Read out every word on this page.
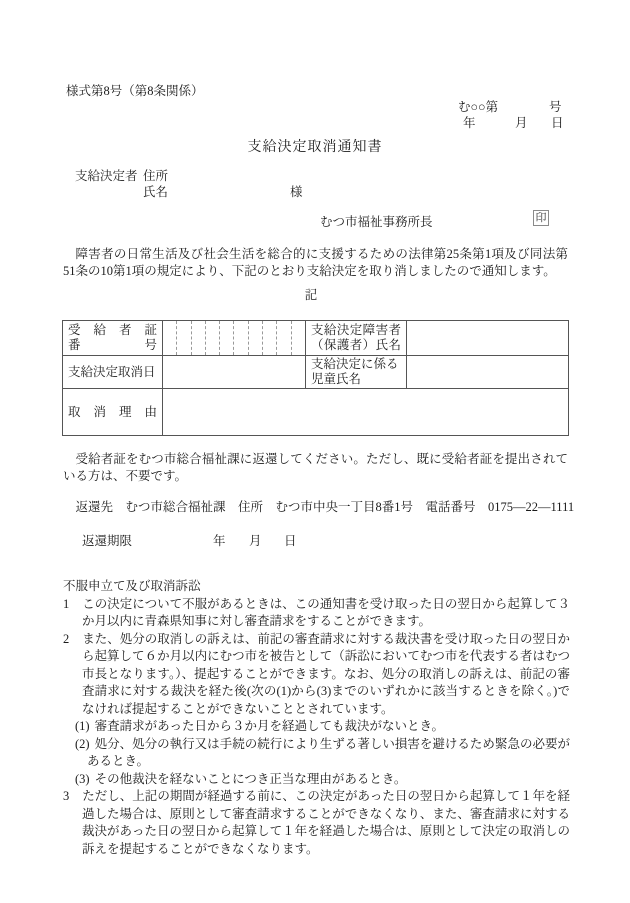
様式第8号（第8条関係）
む○○第	号
年	月 日
支給決定取消通知書
支給決定者 住所
氏名	様
むつ市福祉事務所長	印

障害者の日常生活及び社会生活を総合的に支援するための法律第25条第1項及び同法第51条の10第1項の規定により、下記のとおり支給決定を取り消しましたので通知します。

記
受給者証
番号		支給決定障害者
（保護者）氏名	

支給決定取消日		支給決定に係る
児童氏名	

取消理由			

受給者証をむつ市総合福祉課に返還してください。ただし、既に受給者証を提出されている方は、不要です。

返還先　むつ市総合福祉課　住所　むつ市中央一丁目8番1号　電話番号　0175—22—1111
返還期限	年 月 日

不服申立て及び取消訴訟

1 この決定について不服があるときは、この通知書を受け取った日の翌日から起算して３か月以内に青森県知事に対し審査請求をすることができます。

2 また、処分の取消しの訴えは、前記の審査請求に対する裁決書を受け取った日の翌日から起算して６か月以内にむつ市を被告として（訴訟においてむつ市を代表する者はむつ市長となります。）、提起することができます。なお、処分の取消しの訴えは、前記の審査請求に対する裁決を経た後(次の(1)から(3)までのいずれかに該当するときを除く。)でなければ提起することができないこととされています。

(1) 審査請求があった日から３か月を経過しても裁決がないとき。

(2) 処分、処分の執行又は手続の続行により生ずる著しい損害を避けるため緊急の必要があるとき。

(3) その他裁決を経ないことにつき正当な理由があるとき。

3 ただし、上記の期間が経過する前に、この決定があった日の翌日から起算して１年を経過した場合は、原則として審査請求することができなくなり、また、審査請求に対する裁決があった日の翌日から起算して１年を経過した場合は、原則として決定の取消しの訴えを提起することができなくなります。
